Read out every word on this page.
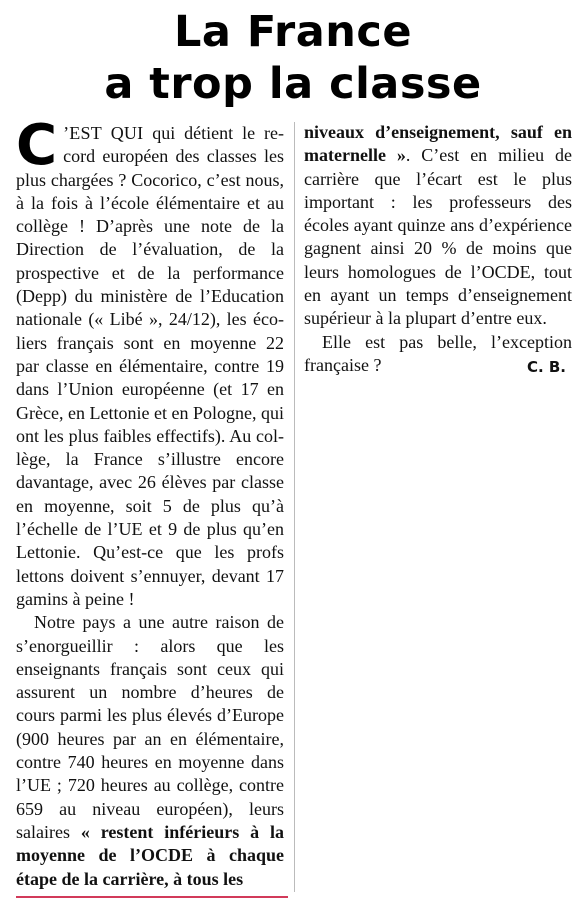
La France
a trop la classe

C ’EST QUI qui détient le record européen des classes les plus chargées ? Cocorico, c’est nous, à la fois à l’école élémentaire et au collège ! D’après une note de la Direction de l’évaluation, de la prospective et de la performance (Depp) du ministère de l’Education nationale (« Libé », 24/12), les écoliers français sont en moyenne 22 par classe en élémentaire, contre 19 dans l’Union européenne (et 17 en Grèce, en Lettonie et en Pologne, qui ont les plus faibles effectifs). Au collège, la France s’illustre encore davantage, avec 26 élèves par classe en moyenne, soit 5 de plus qu’à l’échelle de l’UE et 9 de plus qu’en Lettonie. Qu’est-ce que les profs lettons doivent s’ennuyer, devant 17 gamins à peine !

Notre pays a une autre raison de s’enorgueillir : alors que les enseignants français sont ceux qui assurent un nombre d’heures de cours parmi les plus élevés d’Europe (900 heures par an en élémentaire, contre 740 heures en moyenne dans l’UE ; 720 heures au collège, contre 659 au niveau européen), leurs salaires « restent inférieurs à la moyenne de l’OCDE à chaque étape de la carrière, à tous les

niveaux d’enseignement, sauf en maternelle ». C’est en milieu de carrière que l’écart est le plus important : les professeurs des écoles ayant quinze ans d’expérience gagnent ainsi 20 % de moins que leurs homologues de l’OCDE, tout en ayant un temps d’enseignement supérieur à la plupart d’entre eux.

Elle est pas belle, l’exception française ?	C. B.
